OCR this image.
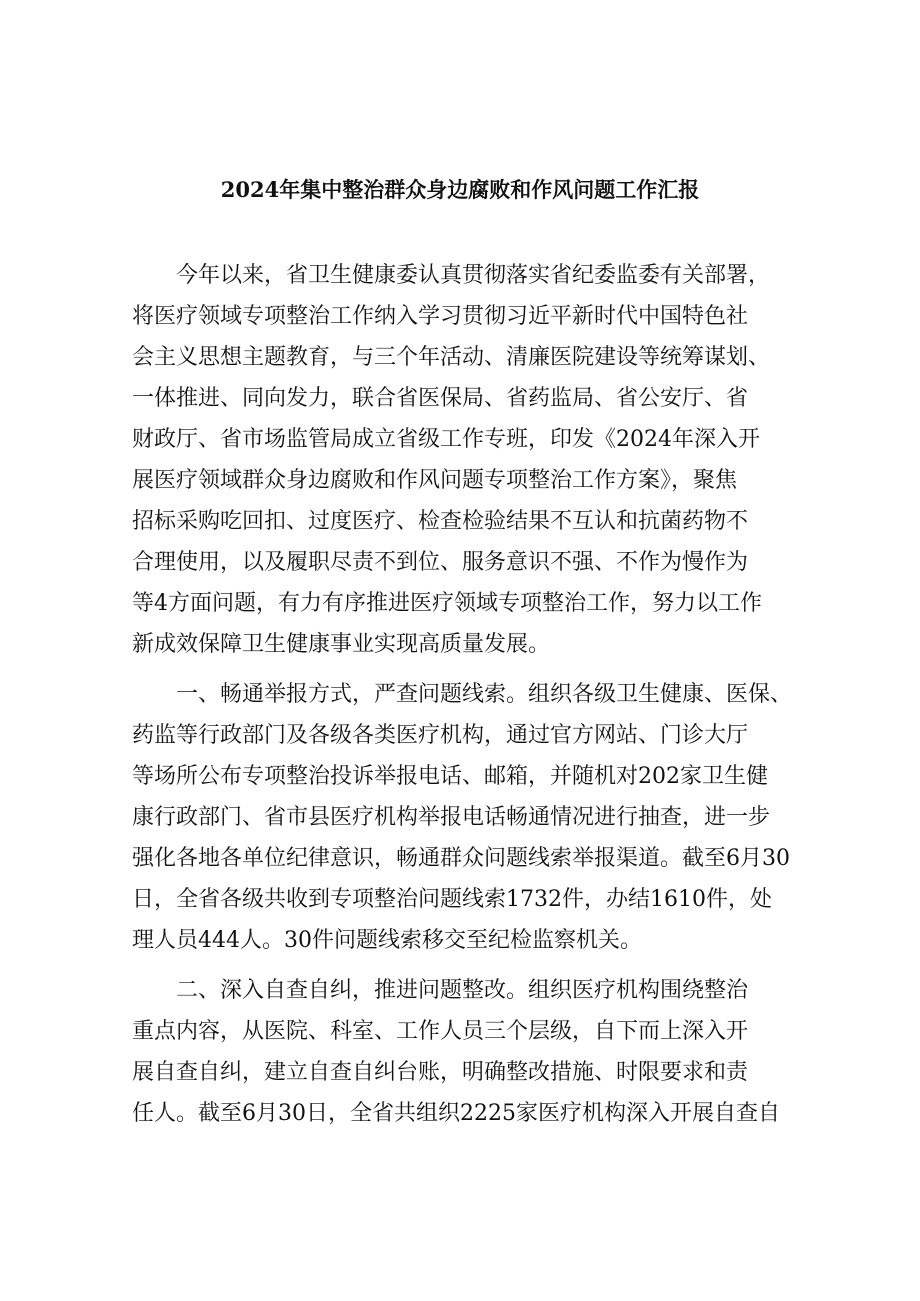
2024年集中整治群众身边腐败和作风问题工作汇报
　　今年以来，省卫生健康委认真贯彻落实省纪委监委有关部署，
将医疗领域专项整治工作纳入学习贯彻习近平新时代中国特色社
会主义思想主题教育，与三个年活动、清廉医院建设等统筹谋划、
一体推进、同向发力，联合省医保局、省药监局、省公安厅、省
财政厅、省市场监管局成立省级工作专班，印发《2024年深入开
展医疗领域群众身边腐败和作风问题专项整治工作方案》，聚焦
招标采购吃回扣、过度医疗、检查检验结果不互认和抗菌药物不
合理使用，以及履职尽责不到位、服务意识不强、不作为慢作为
等4方面问题，有力有序推进医疗领域专项整治工作，努力以工作
新成效保障卫生健康事业实现高质量发展。
　　一、畅通举报方式，严查问题线索。组织各级卫生健康、医保、
药监等行政部门及各级各类医疗机构，通过官方网站、门诊大厅
等场所公布专项整治投诉举报电话、邮箱，并随机对202家卫生健
康行政部门、省市县医疗机构举报电话畅通情况进行抽查，进一步
强化各地各单位纪律意识，畅通群众问题线索举报渠道。截至6月30
日，全省各级共收到专项整治问题线索1732件，办结1610件，处
理人员444人。30件问题线索移交至纪检监察机关。
　　二、深入自查自纠，推进问题整改。组织医疗机构围绕整治
重点内容，从医院、科室、工作人员三个层级，自下而上深入开
展自查自纠，建立自查自纠台账，明确整改措施、时限要求和责
任人。截至6月30日，全省共组织2225家医疗机构深入开展自查自
